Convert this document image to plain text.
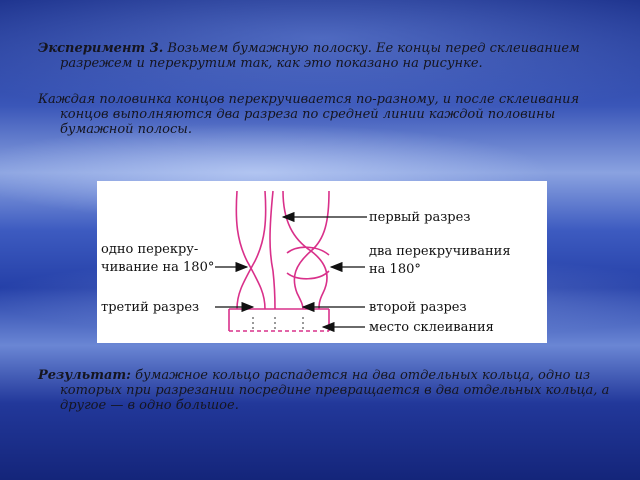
Эксперимент 3. Возьмем бумажную полоску. Ее концы перед склеиванием разрежем и перекрутим так, как это показано на рисунке.

Каждая половинка концов перекручивается по-разному, и после склеивания концов выполняются два разреза по средней линии каждой половины бумажной полосы.

первый разрез
одно перекру-
чивание на 180°
два перекручивания
на 180°
третий разрез	второй разрез
место склеивания

Результат: бумажное кольцо распадется на два отдельных кольца, одно из которых при разрезании посредине превращается в два отдельных кольца, а другое — в одно большое.
